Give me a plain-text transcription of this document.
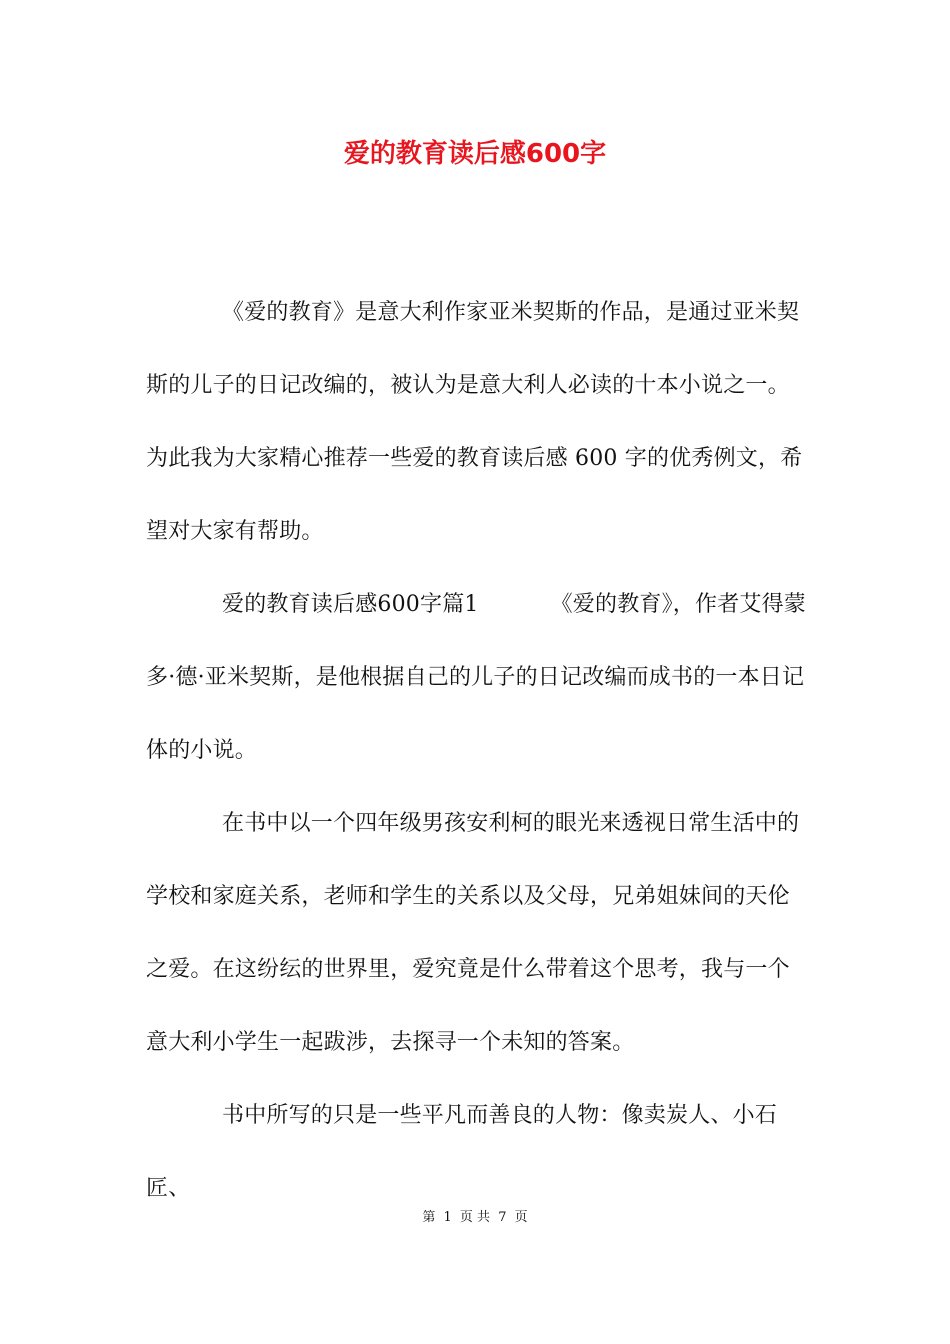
爱的教育读后感600字

《爱的教育》是意大利作家亚米契斯的作品，是通过亚米契斯的儿子的日记改编的，被认为是意大利人必读的十本小说之一。为此我为大家精心推荐一些爱的教育读后感 600 字的优秀例文，希望对大家有帮助。

爱的教育读后感600字篇1	《爱的教育》，作者艾得蒙多·德·亚米契斯，是他根据自己的儿子的日记改编而成书的一本日记体的小说。

在书中以一个四年级男孩安利柯的眼光来透视日常生活中的学校和家庭关系，老师和学生的关系以及父母，兄弟姐妹间的天伦之爱。在这纷纭的世界里，爱究竟是什么带着这个思考，我与一个意大利小学生一起跋涉，去探寻一个未知的答案。

书中所写的只是一些平凡而善良的人物：像卖炭人、小石匠、

第 1 页 共 7 页
